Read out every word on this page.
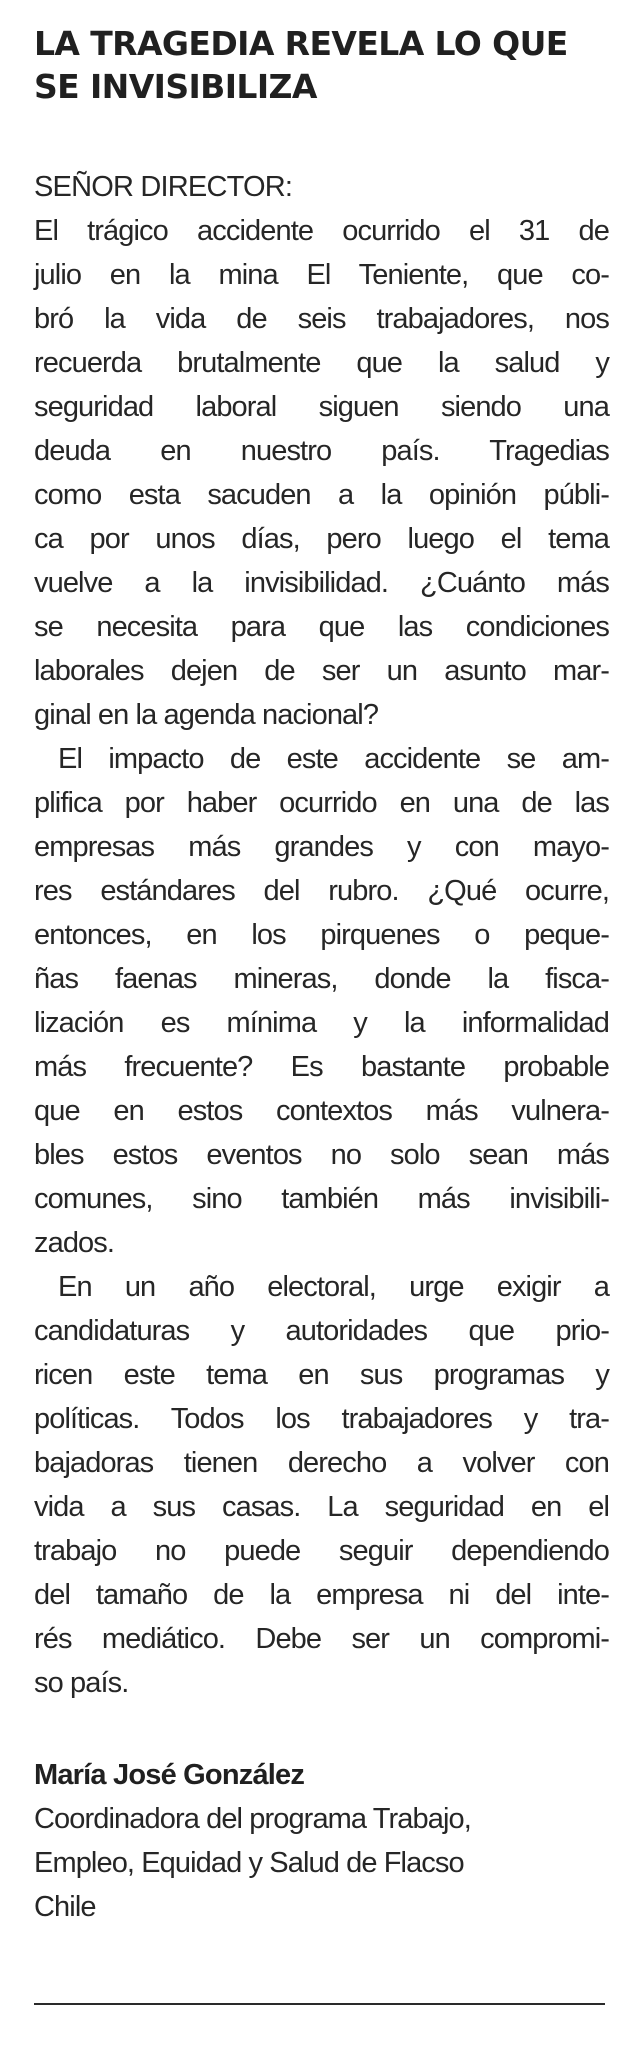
LA TRAGEDIA REVELA LO QUE
SE INVISIBILIZA

SEÑOR DIRECTOR:

El trágico accidente ocurrido el 31 de
julio en la mina El Teniente, que co-
bró la vida de seis trabajadores, nos
recuerda brutalmente que la salud y
seguridad laboral siguen siendo una
deuda en nuestro país. Tragedias
como esta sacuden a la opinión públi-
ca por unos días, pero luego el tema
vuelve a la invisibilidad. ¿Cuánto más
se necesita para que las condiciones
laborales dejen de ser un asunto mar-
ginal en la agenda nacional?
El impacto de este accidente se am-
plifica por haber ocurrido en una de las
empresas más grandes y con mayo-
res estándares del rubro. ¿Qué ocurre,
entonces, en los pirquenes o peque-
ñas faenas mineras, donde la fisca-
lización es mínima y la informalidad
más frecuente? Es bastante probable
que en estos contextos más vulnera-
bles estos eventos no solo sean más
comunes, sino también más invisibili-
zados.
En un año electoral, urge exigir a
candidaturas y autoridades que prio-
ricen este tema en sus programas y
políticas. Todos los trabajadores y tra-
bajadoras tienen derecho a volver con
vida a sus casas. La seguridad en el
trabajo no puede seguir dependiendo
del tamaño de la empresa ni del inte-
rés mediático. Debe ser un compromi-
so país.

María José González

Coordinadora del programa Trabajo,
Empleo, Equidad y Salud de Flacso
Chile
